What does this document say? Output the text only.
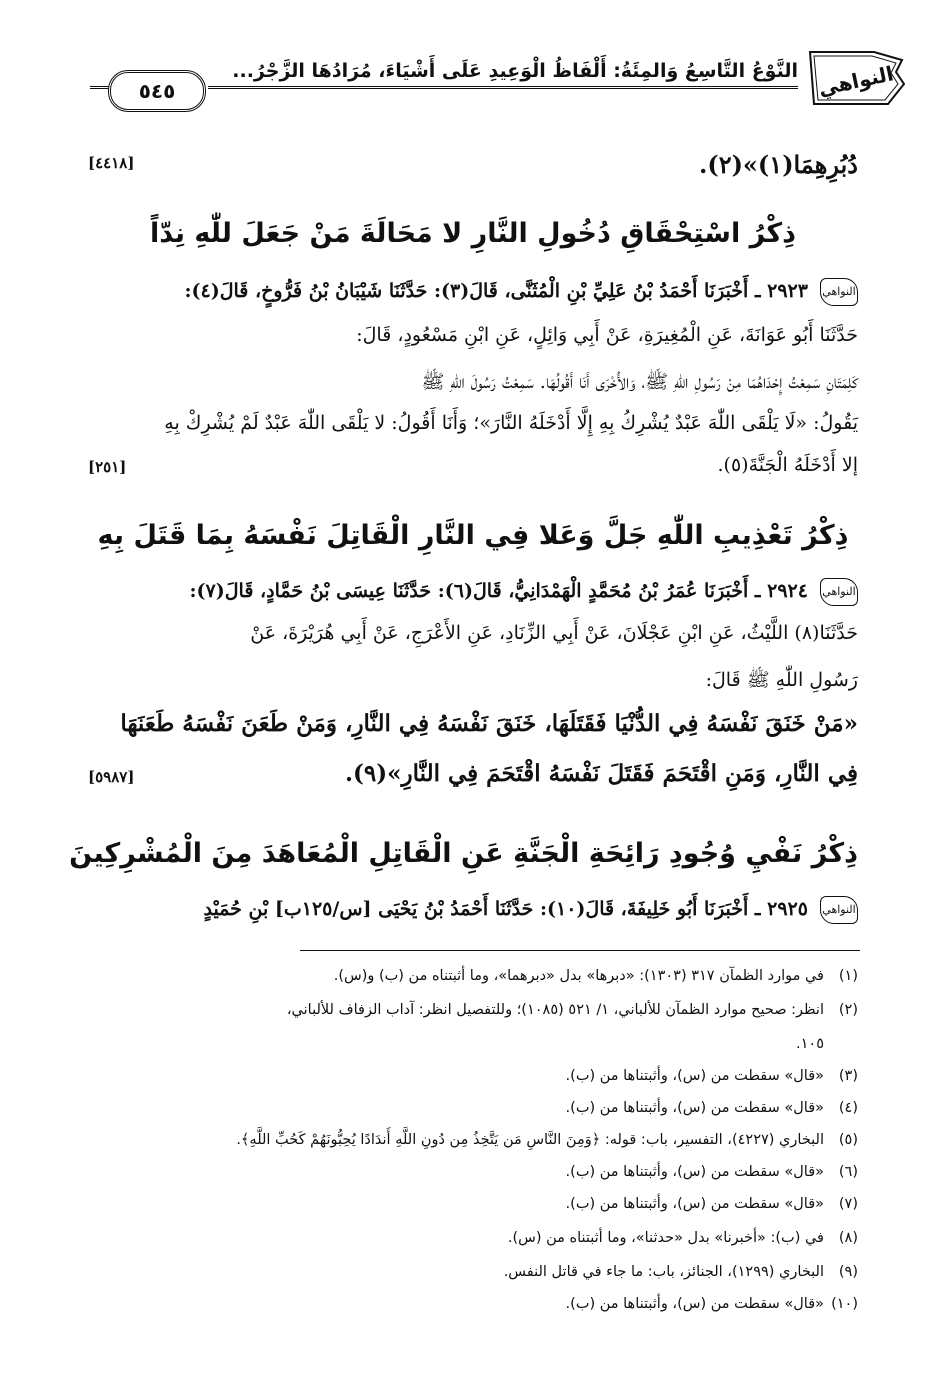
النواهي
النَّوْعُ التَّاسِعُ وَالمِئَةُ: أَلْفَاظُ الْوَعِيدِ عَلَى أَشْيَاءَ، مُرَادُهَا الزَّجْرُ...
٥٤٥
دُبُرِهِمَا(١)»(٢).
[٤٤١٨]
ذِكْرُ اسْتِحْقَاقِ دُخُولِ النَّارِ لا مَحَالَةَ مَنْ جَعَلَ للّٰهِ نِدّاً
النواهي ٢٩٢٣ ـ أَخْبَرَنَا أَحْمَدُ بْنُ عَلِيِّ بْنِ الْمُثَنَّى، قَالَ(٣): حَدَّثَنَا شَيْبَانُ بْنُ فَرُّوخٍ، قَالَ(٤):
حَدَّثَنَا أَبُو عَوَانَةَ، عَنِ الْمُغِيرَةِ، عَنْ أَبِي وَائِلٍ، عَنِ ابْنِ مَسْعُودٍ، قَالَ:
كَلِمَتَانِ سَمِعْتُ إِحْدَاهُمَا مِنْ رَسُولِ اللّٰهِ ﷺ، وَالأُخْرَى أَنَا أَقُولُهَا. سَمِعْتُ رَسُولَ اللّٰهِ ﷺ
يَقُولُ: «لَا يَلْقَى اللّٰهَ عَبْدٌ يُشْرِكُ بِهِ إِلَّا أَدْخَلَهُ النَّارَ»؛ وَأَنَا أَقُولُ: لا يَلْقَى اللّٰهَ عَبْدٌ لَمْ يُشْرِكْ بِهِ
إلا أَدْخَلَهُ الْجَنَّةَ(٥).
[٢٥١]
ذِكْرُ تَعْذِيبِ اللّٰهِ جَلَّ وَعَلا فِي النَّارِ الْقَاتِلَ نَفْسَهُ بِمَا قَتَلَ بِهِ
النواهي ٢٩٢٤ ـ أَخْبَرَنَا عُمَرُ بْنُ مُحَمَّدٍ الْهَمْدَانِيُّ، قَالَ(٦): حَدَّثَنَا عِيسَى بْنُ حَمَّادٍ، قَالَ(٧):
حَدَّثَنَا(٨) اللَّيْثُ، عَنِ ابْنِ عَجْلَانَ، عَنْ أَبِي الزِّنَادِ، عَنِ الأَعْرَجِ، عَنْ أَبِي هُرَيْرَةَ، عَنْ
رَسُولِ اللّٰهِ ﷺ قَالَ:
«مَنْ خَنَقَ نَفْسَهُ فِي الدُّنْيَا فَقَتَلَهَا، خَنَقَ نَفْسَهُ فِي النَّارِ، وَمَنْ طَعَنَ نَفْسَهُ طَعَنَهَا
فِي النَّارِ، وَمَنِ اقْتَحَمَ فَقَتَلَ نَفْسَهُ اقْتَحَمَ فِي النَّارِ»(٩).
[٥٩٨٧]
ذِكْرُ نَفْيِ وُجُودِ رَائِحَةِ الْجَنَّةِ عَنِ الْقَاتِلِ الْمُعَاهَدَ مِنَ الْمُشْرِكِينَ
النواهي ٢٩٢٥ ـ أَخْبَرَنَا أَبُو خَلِيفَةَ، قَالَ(١٠): حَدَّثَنَا أَحْمَدُ بْنُ يَحْيَى [س/١٢٥ب] بْنِ حُمَيْدٍ
(١)في موارد الظمآن ٣١٧ (١٣٠٣): «دبرها» بدل «دبرهما»، وما أثبتناه من (ب) و(س).
(٢)انظر: صحيح موارد الظمآن للألباني، ١/ ٥٢١ (١٠٨٥)؛ وللتفصيل انظر: آداب الزفاف للألباني،
١٠٥.
(٣)«قال» سقطت من (س)، وأثبتناها من (ب).
(٤)«قال» سقطت من (س)، وأثبتناها من (ب).
(٥)البخاري (٤٢٢٧)، التفسير، باب: قوله: ﴿وَمِنَ النَّاسِ مَن يَتَّخِذُ مِن دُونِ اللَّهِ أَندَادًا يُحِبُّونَهُمْ كَحُبِّ اللَّهِ﴾.
(٦)«قال» سقطت من (س)، وأثبتناها من (ب).
(٧)«قال» سقطت من (س)، وأثبتناها من (ب).
(٨)في (ب): «أخبرنا» بدل «حدثنا»، وما أثبتناه من (س).
(٩)البخاري (١٢٩٩)، الجنائز، باب: ما جاء في قاتل النفس.
(١٠)«قال» سقطت من (س)، وأثبتناها من (ب).
